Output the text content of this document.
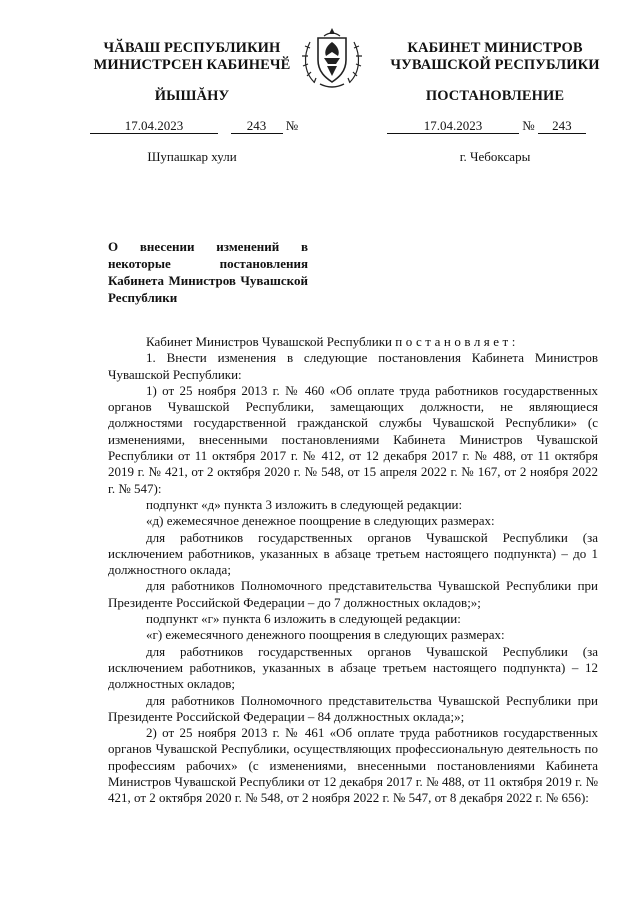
ЧӐВАШ РЕСПУБЛИКИН
МИНИСТРСЕН КАБИНЕЧӖ
ЙЫШĂНУ
КАБИНЕТ МИНИСТРОВ
ЧУВАШСКОЙ РЕСПУБЛИКИ
ПОСТАНОВЛЕНИЕ
17.04.2023	243 №	17.04.2023	№ 243
Шупашкар хули	г. Чебоксары
О внесении изменений в некоторые постановления Кабинета Министров Чувашской Республики

Кабинет Министров Чувашской Республики постановляет:

1. Внести изменения в следующие постановления Кабинета Министров Чувашской Республики:

1) от 25 ноября 2013 г. № 460 «Об оплате труда работников государственных органов Чувашской Республики, замещающих должности, не являющиеся должностями государственной гражданской службы Чувашской Республики» (с изменениями, внесенными постановлениями Кабинета Министров Чувашской Республики от 11 октября 2017 г. № 412, от 12 декабря 2017 г. № 488, от 11 октября 2019 г. № 421, от 2 октября 2020 г. № 548, от 15 апреля 2022 г. № 167, от 2 ноября 2022 г. № 547):

подпункт «д» пункта 3 изложить в следующей редакции:

«д) ежемесячное денежное поощрение в следующих размерах:

для работников государственных органов Чувашской Республики (за исключением работников, указанных в абзаце третьем настоящего подпункта) – до 1 должностного оклада;

для работников Полномочного представительства Чувашской Республики при Президенте Российской Федерации – до 7 должностных окладов;»;

подпункт «г» пункта 6 изложить в следующей редакции:

«г) ежемесячного денежного поощрения в следующих размерах:

для работников государственных органов Чувашской Республики (за исключением работников, указанных в абзаце третьем настоящего подпункта) – 12 должностных окладов;

для работников Полномочного представительства Чувашской Республики при Президенте Российской Федерации – 84 должностных оклада;»;

2) от 25 ноября 2013 г. № 461 «Об оплате труда работников государственных органов Чувашской Республики, осуществляющих профессиональную деятельность по профессиям рабочих» (с изменениями, внесенными постановлениями Кабинета Министров Чувашской Республики от 12 декабря 2017 г. № 488, от 11 октября 2019 г. № 421, от 2 октября 2020 г. № 548, от 2 ноября 2022 г. № 547, от 8 декабря 2022 г. № 656):
